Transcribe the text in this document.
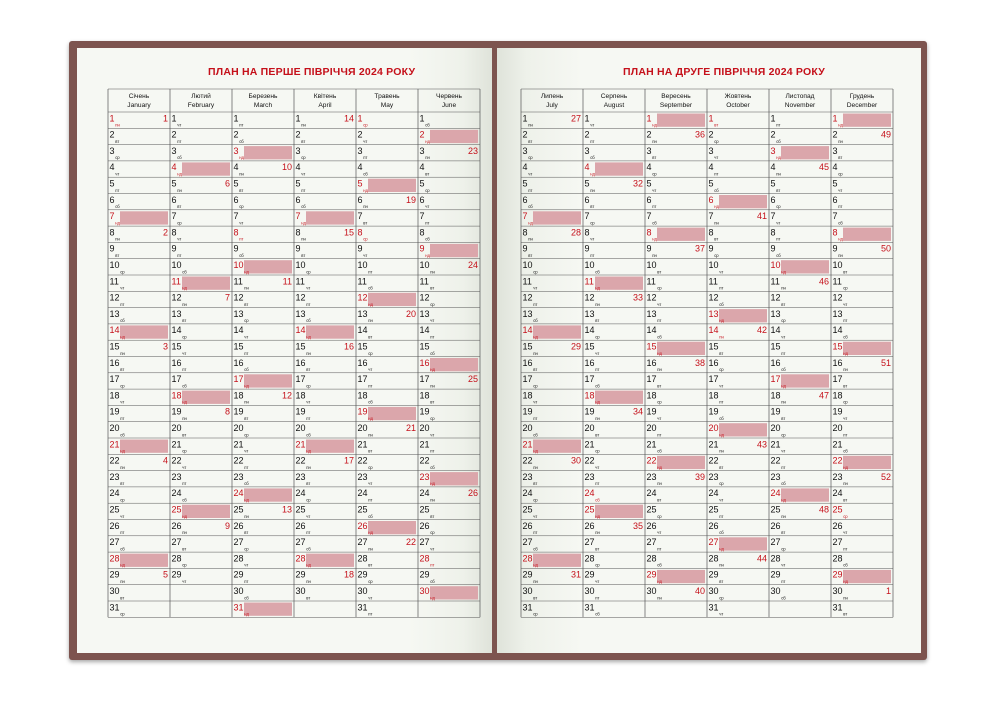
ПЛАН НА ПЕРШЕ ПІВРІЧЧЯ 2024 РОКУ	ПЛАН НА ДРУГЕ ПІВРІЧЧЯ 2024 РОКУ
Січень
January
1
пн
1
2
вт
3
ср
4
чт
5
пт
6
сб
7
нд
8
пн
2
9
вт
10
ср
11
чт
12
пт
13
сб
14
нд
15
пн
3
16
вт
17
ср
18
чт
19
пт
20
сб
21
нд
22
пн
4
23
вт
24
ср
25
чт
26
пт
27
сб
28
нд
29
пн
5
30
вт
31
ср
Лютий
February
1
чт
2
пт
3
сб
4
нд
5
пн
6
6
вт
7
ср
8
чт
9
пт
10
сб
11
нд
12
пн
7
13
вт
14
ср
15
чт
16
пт
17
сб
18
нд
19
пн
8
20
вт
21
ср
22
чт
23
пт
24
сб
25
нд
26
пн
9
27
вт
28
ср
29
чт
Березень
March
1
пт
2
сб
3
нд
4
пн
10
5
вт
6
ср
7
чт
8
пт
9
сб
10
нд
11
пн
11
12
вт
13
ср
14
чт
15
пт
16
сб
17
нд
18
пн
12
19
вт
20
ср
21
чт
22
пт
23
сб
24
нд
25
пн
13
26
вт
27
ср
28
чт
29
пт
30
сб
31
нд
Квітень
April
1
пн
14
2
вт
3
ср
4
чт
5
пт
6
сб
7
нд
8
пн
15
9
вт
10
ср
11
чт
12
пт
13
сб
14
нд
15
пн
16
16
вт
17
ср
18
чт
19
пт
20
сб
21
нд
22
пн
17
23
вт
24
ср
25
чт
26
пт
27
сб
28
нд
29
пн
18
30
вт
Травень
May
1
ср
2
чт
3
пт
4
сб
5
нд
6
пн
19
7
вт
8
ср
9
чт
10
пт
11
сб
12
нд
13
пн
20
14
вт
15
ср
16
чт
17
пт
18
сб
19
нд
20
пн
21
21
вт
22
ср
23
чт
24
пт
25
сб
26
нд
27
пн
22
28
вт
29
ср
30
чт
31
пт
Червень
June
1
сб
2
нд
3
пн
23
4
вт
5
ср
6
чт
7
пт
8
сб
9
нд
10
пн
24
11
вт
12
ср
13
чт
14
пт
15
сб
16
нд
17
пн
25
18
вт
19
ср
20
чт
21
пт
22
сб
23
нд
24
пн
26
25
вт
26
ср
27
чт
28
пт
29
сб
30
нд
Липень
July
1
пн
27
2
вт
3
ср
4
чт
5
пт
6
сб
7
нд
8
пн
28
9
вт
10
ср
11
чт
12
пт
13
сб
14
нд
15
пн
29
16
вт
17
ср
18
чт
19
пт
20
сб
21
нд
22
пн
30
23
вт
24
ср
25
чт
26
пт
27
сб
28
нд
29
пн
31
30
вт
31
ср
Серпень
August
1
чт
2
пт
3
сб
4
нд
5
пн
32
6
вт
7
ср
8
чт
9
пт
10
сб
11
нд
12
пн
33
13
вт
14
ср
15
чт
16
пт
17
сб
18
нд
19
пн
34
20
вт
21
ср
22
чт
23
пт
24
сб
25
нд
26
пн
35
27
вт
28
ср
29
чт
30
пт
31
сб
Вересень
September
1
нд
2
пн
36
3
вт
4
ср
5
чт
6
пт
7
сб
8
нд
9
пн
37
10
вт
11
ср
12
чт
13
пт
14
сб
15
нд
16
пн
38
17
вт
18
ср
19
чт
20
пт
21
сб
22
нд
23
пн
39
24
вт
25
ср
26
чт
27
пт
28
сб
29
нд
30
пн
40
Жовтень
October
1
вт
2
ср
3
чт
4
пт
5
сб
6
нд
7
пн
41
8
вт
9
ср
10
чт
11
пт
12
сб
13
нд
14
пн
42
15
вт
16
ср
17
чт
18
пт
19
сб
20
нд
21
пн
43
22
вт
23
ср
24
чт
25
пт
26
сб
27
нд
28
пн
44
29
вт
30
ср
31
чт
Листопад
November
1
пт
2
сб
3
нд
4
пн
45
5
вт
6
ср
7
чт
8
пт
9
сб
10
нд
11
пн
46
12
вт
13
ср
14
чт
15
пт
16
сб
17
нд
18
пн
47
19
вт
20
ср
21
чт
22
пт
23
сб
24
нд
25
пн
48
26
вт
27
ср
28
чт
29
пт
30
сб
Грудень
December
1
нд
2
пн
49
3
вт
4
ср
5
чт
6
пт
7
сб
8
нд
9
пн
50
10
вт
11
ср
12
чт
13
пт
14
сб
15
нд
16
пн
51
17
вт
18
ср
19
чт
20
пт
21
сб
22
нд
23
пн
52
24
вт
25
ср
26
чт
27
пт
28
сб
29
нд
30
пн
1
31
вт
